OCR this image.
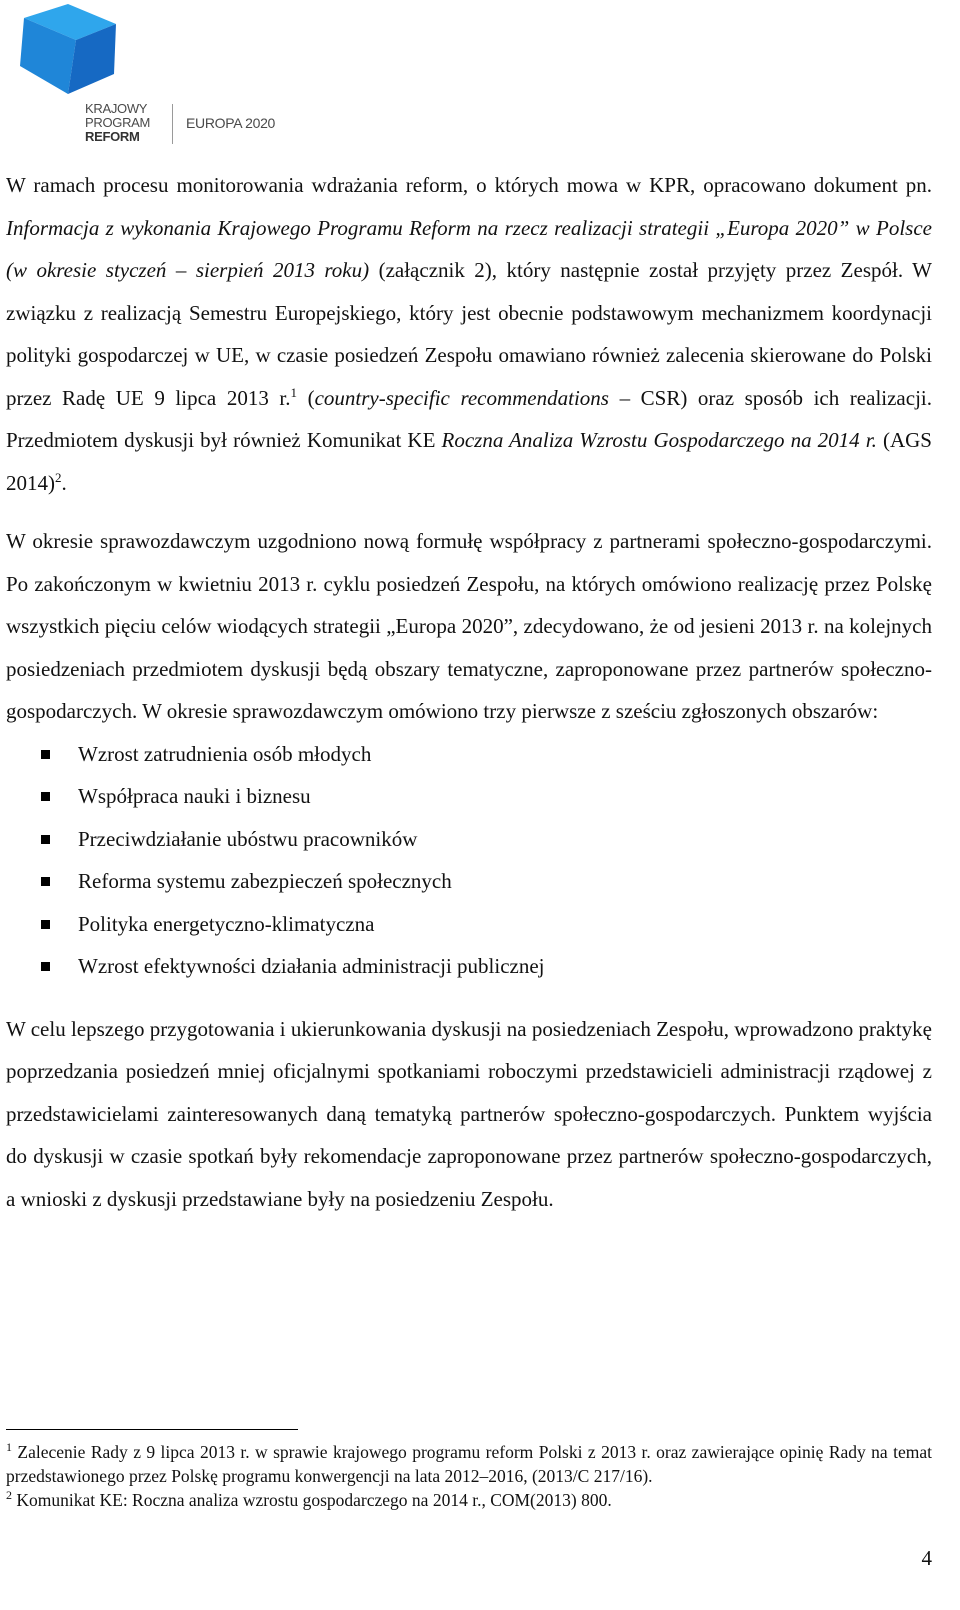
KRAJOWY
PROGRAM
REFORM
EUROPA 2020

W ramach procesu monitorowania wdrażania reform, o których mowa w KPR, opracowano dokument pn. Informacja z wykonania Krajowego Programu Reform na rzecz realizacji strategii „Europa 2020” w Polsce (w okresie styczeń – sierpień 2013 roku) (załącznik 2), który następnie został przyjęty przez Zespół. W związku z realizacją Semestru Europejskiego, który jest obecnie podstawowym mechanizmem koordynacji polityki gospodarczej w UE, w czasie posiedzeń Zespołu omawiano również zalecenia skierowane do Polski przez Radę UE 9 lipca 2013 r.$^1$ (country-specific recommendations – CSR) oraz sposób ich realizacji. Przedmiotem dyskusji był również Komunikat KE Roczna Analiza Wzrostu Gospodarczego na 2014 r. (AGS 2014)$^2$.

W okresie sprawozdawczym uzgodniono nową formułę współpracy z partnerami społeczno-gospodarczymi. Po zakończonym w kwietniu 2013 r. cyklu posiedzeń Zespołu, na których omówiono realizację przez Polskę wszystkich pięciu celów wiodących strategii „Europa 2020”, zdecydowano, że od jesieni 2013 r. na kolejnych posiedzeniach przedmiotem dyskusji będą obszary tematyczne, zaproponowane przez partnerów społeczno-gospodarczych. W okresie sprawozdawczym omówiono trzy pierwsze z sześciu zgłoszonych obszarów:

Wzrost zatrudnienia osób młodych
Współpraca nauki i biznesu
Przeciwdziałanie ubóstwu pracowników
Reforma systemu zabezpieczeń społecznych
Polityka energetyczno-klimatyczna
Wzrost efektywności działania administracji publicznej

W celu lepszego przygotowania i ukierunkowania dyskusji na posiedzeniach Zespołu, wprowadzono praktykę poprzedzania posiedzeń mniej oficjalnymi spotkaniami roboczymi przedstawicieli administracji rządowej z przedstawicielami zainteresowanych daną tematyką partnerów społeczno-gospodarczych. Punktem wyjścia do dyskusji w czasie spotkań były rekomendacje zaproponowane przez partnerów społeczno-gospodarczych, a wnioski z dyskusji przedstawiane były na posiedzeniu Zespołu.

$^1$ Zalecenie Rady z 9 lipca 2013 r. w sprawie krajowego programu reform Polski z 2013 r. oraz zawierające opinię Rady na temat przedstawionego przez Polskę programu konwergencji na lata 2012–2016, (2013/C 217/16).

$^2$ Komunikat KE: Roczna analiza wzrostu gospodarczego na 2014 r., COM(2013) 800.

4
